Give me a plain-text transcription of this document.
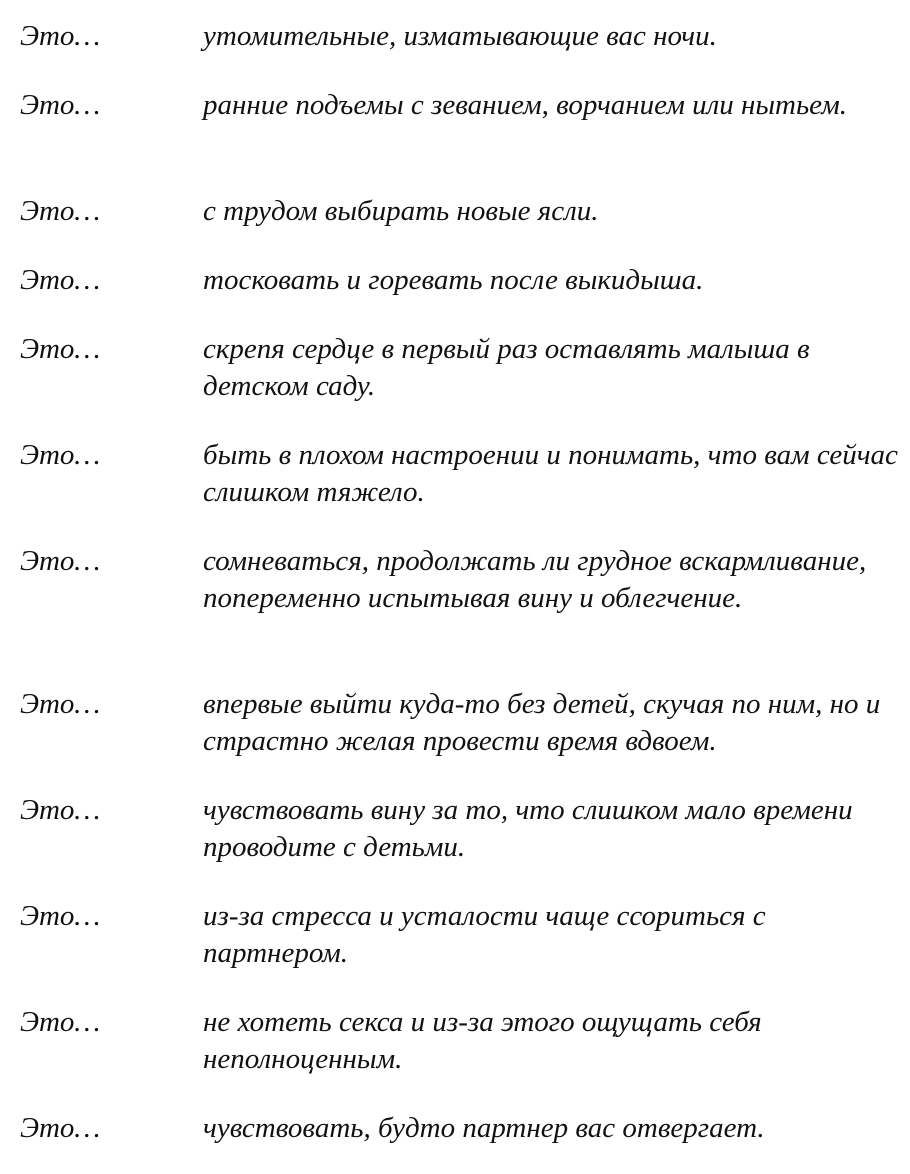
Это…	утомительные, изматывающие вас ночи.
Это…	ранние подъемы с зеванием, ворчанием или нытьем.
Это…	с трудом выбирать новые ясли.
Это…	тосковать и горевать после выкидыша.
Это…	скрепя сердце в первый раз оставлять малыша в детском саду.
Это…	быть в плохом настроении и понимать, что вам сейчас слишком тяжело.
Это…	сомневаться, продолжать ли грудное вскармливание, попеременно испытывая вину и облегчение.
Это…	впервые выйти куда-то без детей, скучая по ним, но и страстно желая провести время вдвоем.
Это…	чувствовать вину за то, что слишком мало времени проводите с детьми.
Это…	из-за стресса и усталости чаще ссориться с партнером.
Это…	не хотеть секса и из-за этого ощущать себя неполноценным.
Это…	чувствовать, будто партнер вас отвергает.
